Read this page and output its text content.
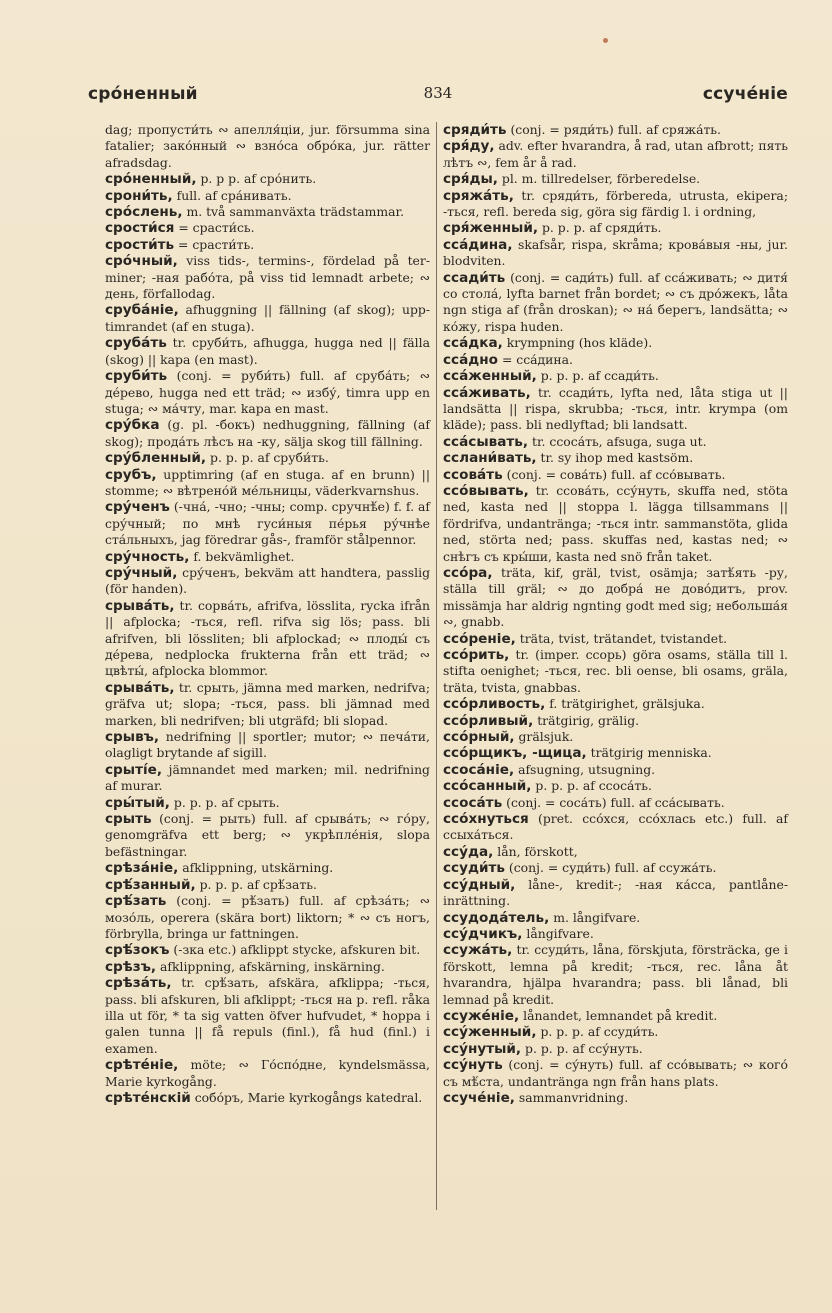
сро́ненный	834	ссуче́ніе

dag; пропусти́ть ∾ апелля́ціи, jur. försumma sina fatalier; зако́нный ∾ взно́са обро́ка, jur. rätter afradsdag.

сро́ненный, p. p p. af сро́нить.

срони́ть, full. af сра́нивать.

сро́слень, m. två sammanväxta trädstammar.

срости́ся = срасти́сь.

срости́ть = срасти́ть.

сро́чный, viss tids-, termins-, fördelad på terminer; -ная рабо́та, på viss tid lemnadt arbete; ∾ день, förfallodag.

сруба́ніе, afhuggning || fällning (af skog); upptimrandet (af en stuga).

сруба́ть tr. сруби́ть, afhugga, hugga ned || fälla (skog) || kapa (en mast).

сруби́ть (conj. = руби́ть) full. af сруба́ть; ∾ де́рево, hugga ned ett träd; ∾ избу́, timra upp en stuga; ∾ ма́чту, mar. kapa en mast.

сру́бка (g. pl. -бокъ) nedhuggning, fällning (af skog); прода́ть лѣсъ на -ку, sälja skog till fällning.

сру́бленный, p. p. p. af сруби́ть.

срубъ, upptimring (af en stuga. af en brunn) || stomme; ∾ вѣтрено́й ме́льницы, väderkvarnshus.

сру́ченъ (-чна́, -чно; -чны; comp. сручнѣ́е) f. f. af сру́чный; по мнѣ гуси́ныя пе́рья ру́чнѣе ста́льныхъ, jag föredrar gås-, framför stålpennor.

сру́чность, f. bekvämlighet.

сру́чный, сру́ченъ, bekväm att handtera, passlig (för handen).

срыва́ть, tr. сорва́ть, afrifva, lösslita, rycka ifrån || afplocka; -ться, refl. rifva sig lös; pass. bli afrifven, bli lössliten; bli afplockad; ∾ плоды́ съ де́рева, nedplocka frukterna från ett träd; ∾ цвѣты́, afplocka blommor.

срыва́ть, tr. срыть, jämna med marken, nedrifva; gräfva ut; slopa; -ться, pass. bli jämnad med marken, bli nedrifven; bli utgräfd; bli slopad.

срывъ, nedrifning || sportler; mutor; ∾ печа́ти, olagligt brytande af sigill.

срыті́е, jämnandet med marken; mil. nedrifning af murar.

сры́тый, p. p. p. af срыть.

срыть (conj. = рыть) full. af срыва́ть; ∾ го́ру, genomgräfva ett berg; ∾ укрѣпле́нія, slopa befästningar.

срѣза́ніе, afklippning, utskärning.

срѣ́занный, p. p. p. af срѣ́зать.

срѣ́зать (conj. = рѣ́зать) full. af срѣза́ть; ∾ мозо́ль, operera (skära bort) liktorn; * ∾ съ ногъ, förbrylla, bringa ur fattningen.

срѣ́зокъ (-зка etc.) afklippt stycke, afskuren bit.

срѣзъ, afklippning, afskärning, inskärning.

срѣза́ть, tr. срѣ́зать, afskära, afklippa; -ться, pass. bli afskuren, bli afklippt; -ться на p. refl. råka illa ut för, * ta sig vatten öfver hufvudet, * hoppa i galen tunna || få repuls (finl.), få hud (finl.) i examen.

срѣте́ніе, möte; ∾ Го́спо́дне, kyndelsmässa, Marie kyrkogång.

срѣте́нскій собо́ръ, Marie kyrkogångs katedral.

сряди́ть (conj. = ряди́ть) full. af сряжа́ть.

сря́ду, adv. efter hvarandra, å rad, utan afbrott; пять лѣтъ ∾, fem år å rad.

сря́ды, pl. m. tillredelser, förberedelse.

сряжа́ть, tr. сряди́ть, förbereda, utrusta, ekipera; -ться, refl. bereda sig, göra sig färdig l. i ordning,

сря́женный, p. p. p. af сряди́ть.

сса́дина, skafsår, rispa, skråma; крова́выя -ны, jur. blodviten.

ссади́ть (conj. = сади́ть) full. af сса́живать; ∾ дитя́ со стола́, lyfta barnet från bordet; ∾ съ дро́жекъ, låta ngn stiga af (från droskan); ∾ на́ берегъ, landsätta; ∾ ко́жу, rispa huden.

сса́дка, krympning (hos kläde).

сса́дно = сса́дина.

сса́женный, p. p. p. af ссади́ть.

сса́живать, tr. ссади́ть, lyfta ned, låta stiga ut || landsätta || rispa, skrubba; -ться, intr. krympa (om kläde); pass. bli nedlyftad; bli landsatt.

сса́сывать, tr. ссоса́ть, afsuga, suga ut.

сслани́вать, tr. sy ihop med kastsöm.

ссова́ть (conj. = сова́ть) full. af ссо́вывать.

ссо́вывать, tr. ссова́ть, ссу́нуть, skuffa ned, stöta ned, kasta ned || stoppa l. lägga tillsammans || fördrifva, undantränga; -ться intr. sammanstöta, glida ned, störta ned; pass. skuffas ned, kastas ned; ∾ снѣгъ съ кры́ши, kasta ned snö från taket.

ссо́ра, träta, kif, gräl, tvist, osämja; затѣ́ять -ру, ställa till gräl; ∾ до добра́ не дово́дитъ, prov. missämja har aldrig ngnting godt med sig; небольша́я ∾, gnabb.

ссо́реніе, träta, tvist, trätandet, tvistandet.

ссо́рить, tr. (imper. ссорь) göra osams, ställa till l. stifta oenighet; -ться, rec. bli oense, bli osams, gräla, träta, tvista, gnabbas.

ссо́рливость, f. trätgirighet, grälsjuka.

ссо́рливый, trätgirig, grälig.

ссо́рный, grälsjuk.

ссо́рщикъ, -щица, trätgirig menniska.

ссоса́ніе, afsugning, utsugning.

ссо́санный, p. p. p. af ссоса́ть.

ссоса́ть (conj. = соса́ть) full. af сса́сывать.

ссо́хнуться (pret. ссо́хся, ссо́хлась etc.) full. af ссыха́ться.

ссу́да, lån, förskott,

ссуди́ть (conj. = суди́ть) full. af ссужа́ть.

ссу́дный, låne-, kredit-; -ная ка́сса, pantlåneinrättning.

ссудода́тель, m. långifvare.

ссу́дчикъ, långifvare.

ссужа́ть, tr. ссуди́ть, låna, förskjuta, försträcka, ge i förskott, lemna på kredit; -ться, rec. låna åt hvarandra, hjälpa hvarandra; pass. bli lånad, bli lemnad på kredit.

ссуже́ніе, lånandet, lemnandet på kredit.

ссу́женный, p. p. p. af ссуди́ть.

ссу́нутый, p. p. p. af ссу́нуть.

ссу́нуть (conj. = су́нуть) full. af ссо́вывать; ∾ кого́ съ мѣ́ста, undantränga ngn från hans plats.

ссуче́ніе, sammanvridning.
